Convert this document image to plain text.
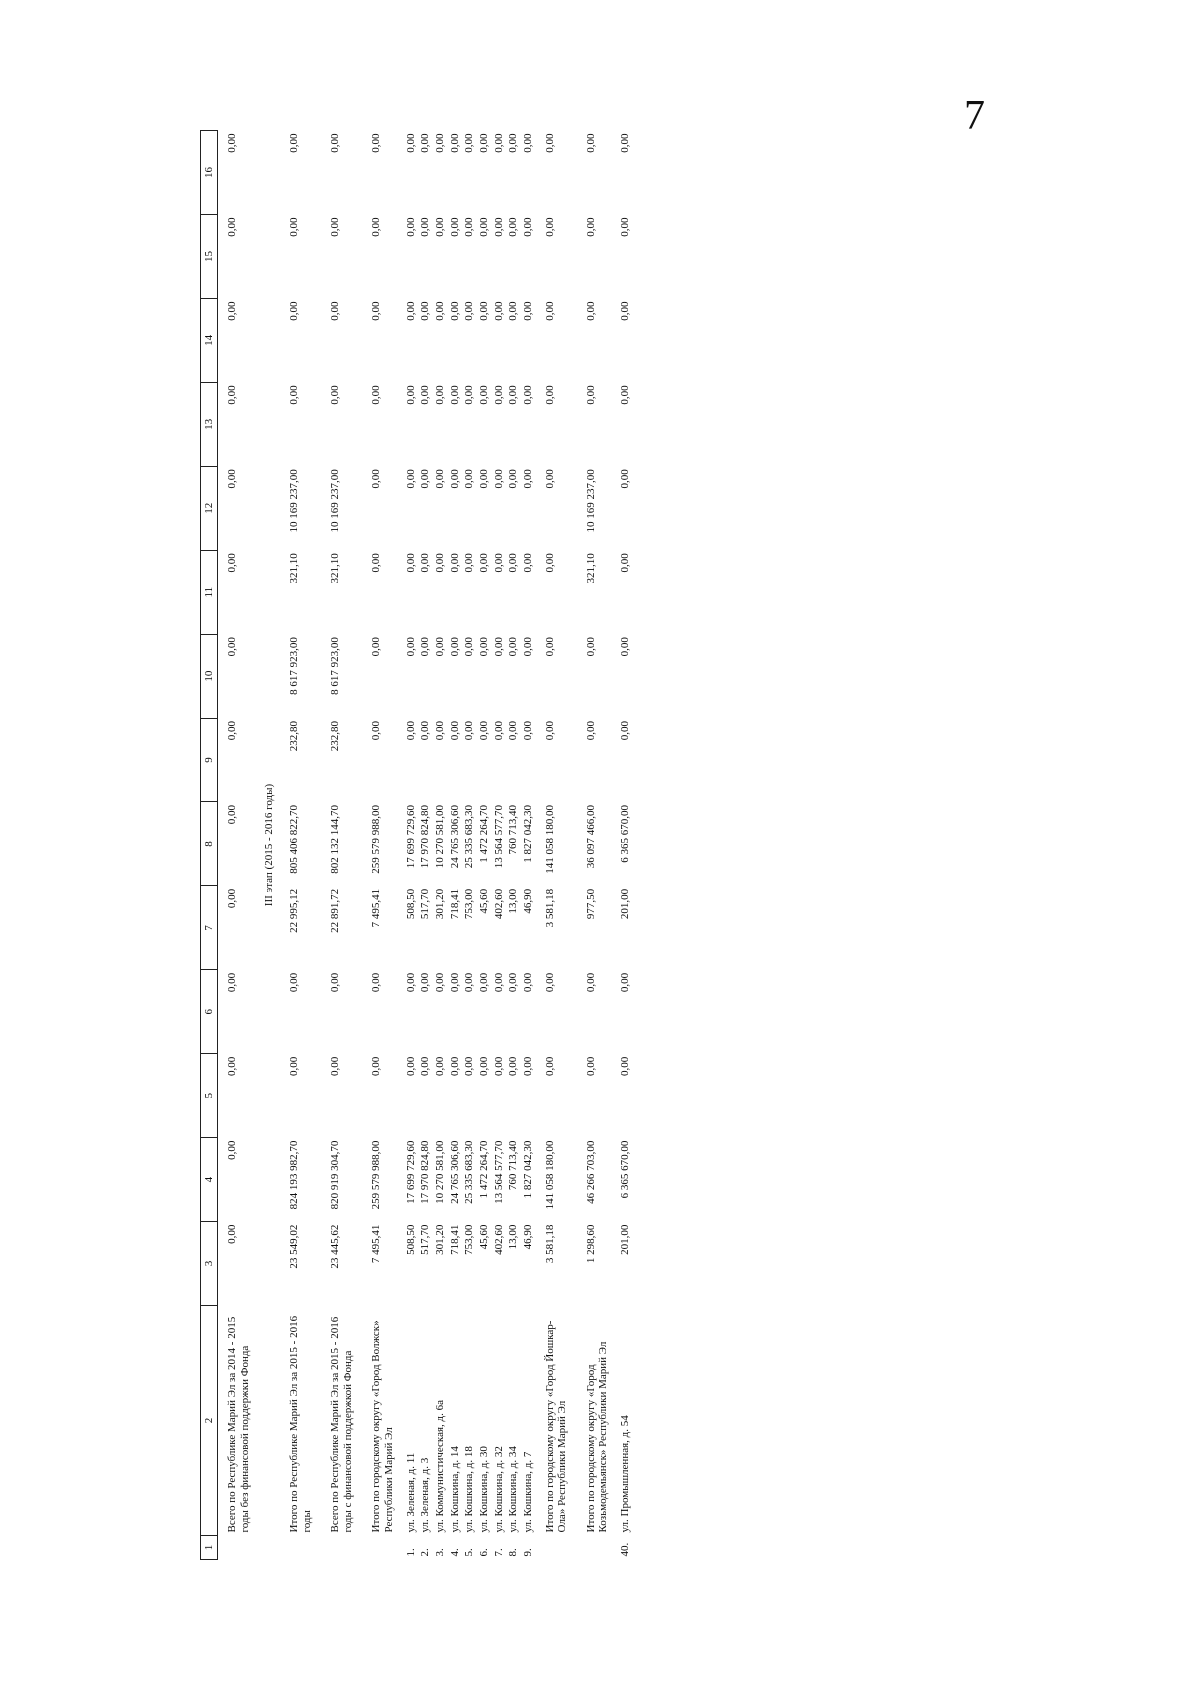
7
1	2	3	4	5	6	7	8	9	10	11	12	13	14	15	16
	Всего по Республике Марий Эл за 2014 - 2015 годы без финансовой поддержки Фонда	0,00	0,00	0,00	0,00	0,00	0,00	0,00	0,00	0,00	0,00	0,00	0,00	0,00	0,00
III этап (2015 - 2016 годы)															
	Итого по Республике Марий Эл за 2015 - 2016 годы	23 549,02	824 193 982,70	0,00	0,00	22 995,12	805 406 822,70	232,80	8 617 923,00	321,10	10 169 237,00	0,00	0,00	0,00	0,00
	Всего по Республике Марий Эл за 2015 - 2016 годы с финансовой поддержкой Фонда	23 445,62	820 919 304,70	0,00	0,00	22 891,72	802 132 144,70	232,80	8 617 923,00	321,10	10 169 237,00	0,00	0,00	0,00	0,00
	Итого по городскому округу «Город Волжск» Республики Марий Эл	7 495,41	259 579 988,00	0,00	0,00	7 495,41	259 579 988,00	0,00	0,00	0,00	0,00	0,00	0,00	0,00	0,00
1.	ул. Зеленая, д. 11	508,50	17 699 729,60	0,00	0,00	508,50	17 699 729,60	0,00	0,00	0,00	0,00	0,00	0,00	0,00	0,00
2.	ул. Зеленая, д. 3	517,70	17 970 824,80	0,00	0,00	517,70	17 970 824,80	0,00	0,00	0,00	0,00	0,00	0,00	0,00	0,00
3.	ул. Коммунистическая, д. 6а	301,20	10 270 581,00	0,00	0,00	301,20	10 270 581,00	0,00	0,00	0,00	0,00	0,00	0,00	0,00	0,00
4.	ул. Кошкина, д. 14	718,41	24 765 306,60	0,00	0,00	718,41	24 765 306,60	0,00	0,00	0,00	0,00	0,00	0,00	0,00	0,00
5.	ул. Кошкина, д. 18	753,00	25 335 683,30	0,00	0,00	753,00	25 335 683,30	0,00	0,00	0,00	0,00	0,00	0,00	0,00	0,00
6.	ул. Кошкина, д. 30	45,60	1 472 264,70	0,00	0,00	45,60	1 472 264,70	0,00	0,00	0,00	0,00	0,00	0,00	0,00	0,00
7.	ул. Кошкина, д. 32	402,60	13 564 577,70	0,00	0,00	402,60	13 564 577,70	0,00	0,00	0,00	0,00	0,00	0,00	0,00	0,00
8.	ул. Кошкина, д. 34	13,00	760 713,40	0,00	0,00	13,00	760 713,40	0,00	0,00	0,00	0,00	0,00	0,00	0,00	0,00
9.	ул. Кошкина, д. 7	46,90	1 827 042,30	0,00	0,00	46,90	1 827 042,30	0,00	0,00	0,00	0,00	0,00	0,00	0,00	0,00
	Итого по городскому округу «Город Йошкар-Ола» Республики Марий Эл	3 581,18	141 058 180,00	0,00	0,00	3 581,18	141 058 180,00	0,00	0,00	0,00	0,00	0,00	0,00	0,00	0,00
	Итого по городскому округу «Город Козьмодемьянск» Республики Марий Эл	1 298,60	46 266 703,00	0,00	0,00	977,50	36 097 466,00	0,00	0,00	321,10	10 169 237,00	0,00	0,00	0,00	0,00
40.	ул. Промышленная, д. 54	201,00	6 365 670,00	0,00	0,00	201,00	6 365 670,00	0,00	0,00	0,00	0,00	0,00	0,00	0,00	0,00
